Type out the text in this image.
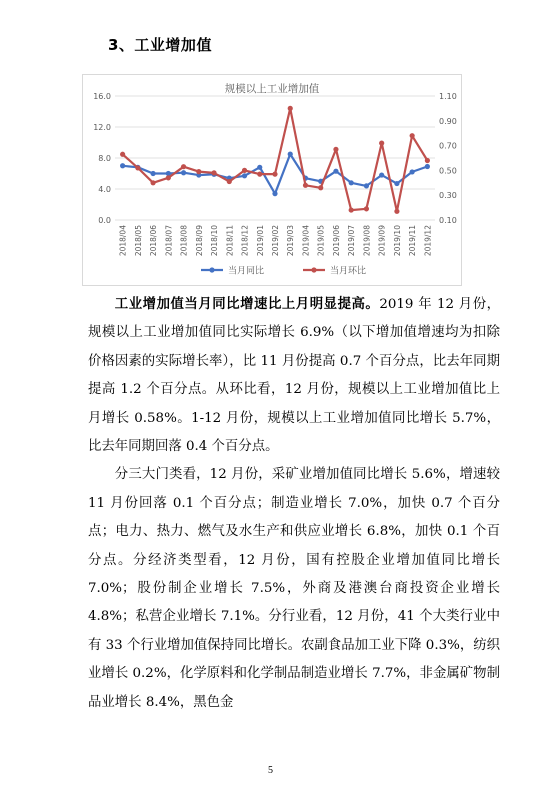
3、工业增加值
规模以上工业增加值
0.0
4.0
8.0
12.0
16.0
0.10
0.30
0.50
0.70
0.90
1.10
2018/04 2018/05 2018/06 2018/07 2018/08 2018/09 2018/10 2018/11 2018/12 2019/01 2019/02 2019/03 2019/04 2019/05 2019/06 2019/07 2019/08 2019/09 2019/10 2019/11 2019/12
当月同比	当月环比

工业增加值当月同比增速比上月明显提高。2019 年 12 月份，规模以上工业增加值同比实际增长 6.9%（以下增加值增速均为扣除价格因素的实际增长率），比 11 月份提高 0.7 个百分点，比去年同期提高 1.2 个百分点。从环比看，12 月份，规模以上工业增加值比上月增长 0.58%。1-12 月份，规模以上工业增加值同比增长 5.7%，比去年同期回落 0.4 个百分点。

分三大门类看，12 月份，采矿业增加值同比增长 5.6%，增速较 11 月份回落 0.1 个百分点；制造业增长 7.0%，加快 0.7 个百分点；电力、热力、燃气及水生产和供应业增长 6.8%，加快 0.1 个百分点。分经济类型看，12 月份，国有控股企业增加值同比增长 7.0%；股份制企业增长 7.5%，外商及港澳台商投资企业增长 4.8%；私营企业增长 7.1%。分行业看，12 月份，41 个大类行业中有 33 个行业增加值保持同比增长。农副食品加工业下降 0.3%，纺织业增长 0.2%，化学原料和化学制品制造业增长 7.7%，非金属矿物制品业增长 8.4%，黑色金

5
